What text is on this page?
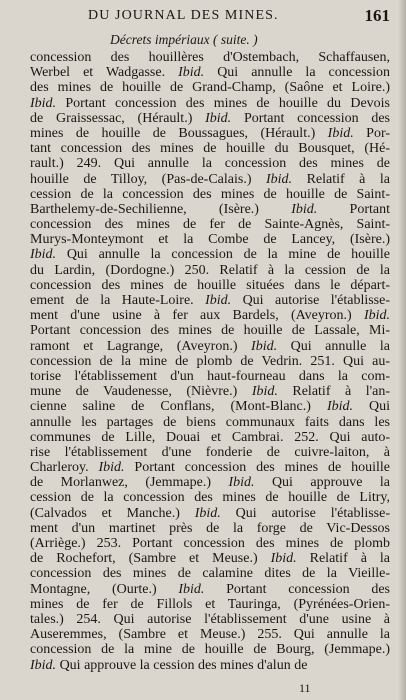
DU JOURNAL DES MINES.	161
Décrets impériaux ( suite. )
concession des houillères d'Ostembach, Schaffausen,
Werbel et Wadgasse. Ibid. Qui annulle la concession
des mines de houille de Grand-Champ, (Saône et Loire.)
Ibid. Portant concession des mines de houille du Devois
de Graissessac, (Hérault.) Ibid. Portant concession des
mines de houille de Boussagues, (Hérault.) Ibid. Por-
tant concession des mines de houille du Bousquet, (Hé-
rault.) 249. Qui annulle la concession des mines de
houille de Tilloy, (Pas-de-Calais.) Ibid. Relatif à la
cession de la concession des mines de houille de Saint-
Barthelemy-de-Sechilienne, (Isère.) Ibid. Portant
concession des mines de fer de Sainte-Agnès, Saint-
Murys-Monteymont et la Combe de Lancey, (Isère.)
Ibid. Qui annulle la concession de la mine de houille
du Lardin, (Dordogne.) 250. Relatif à la cession de la
concession des mines de houille situées dans le départ-
ement de la Haute-Loire. Ibid. Qui autorise l'établisse-
ment d'une usine à fer aux Bardels, (Aveyron.) Ibid.
Portant concession des mines de houille de Lassale, Mi-
ramont et Lagrange, (Aveyron.) Ibid. Qui annulle la
concession de la mine de plomb de Vedrin. 251. Qui au-
torise l'établissement d'un haut-fourneau dans la com-
mune de Vaudenesse, (Nièvre.) Ibid. Relatif à l'an-
cienne saline de Conflans, (Mont-Blanc.) Ibid. Qui
annulle les partages de biens communaux faits dans les
communes de Lille, Douai et Cambrai. 252. Qui auto-
rise l'établissement d'une fonderie de cuivre-laiton, à
Charleroy. Ibid. Portant concession des mines de houille
de Morlanwez, (Jemmape.) Ibid. Qui approuve la
cession de la concession des mines de houille de Litry,
(Calvados et Manche.) Ibid. Qui autorise l'établisse-
ment d'un martinet près de la forge de Vic-Dessos
(Arriège.) 253. Portant concession des mines de plomb
de Rochefort, (Sambre et Meuse.) Ibid. Relatif à la
concession des mines de calamine dites de la Vieille-
Montagne, (Ourte.) Ibid. Portant concession des
mines de fer de Fillols et Tauringa, (Pyrénées-Orien-
tales.) 254. Qui autorise l'établissement d'une usine à
Auseremmes, (Sambre et Meuse.) 255. Qui annulle la
concession de la mine de houille de Bourg, (Jemmape.)
Ibid. Qui approuve la cession des mines d'alun de
11
